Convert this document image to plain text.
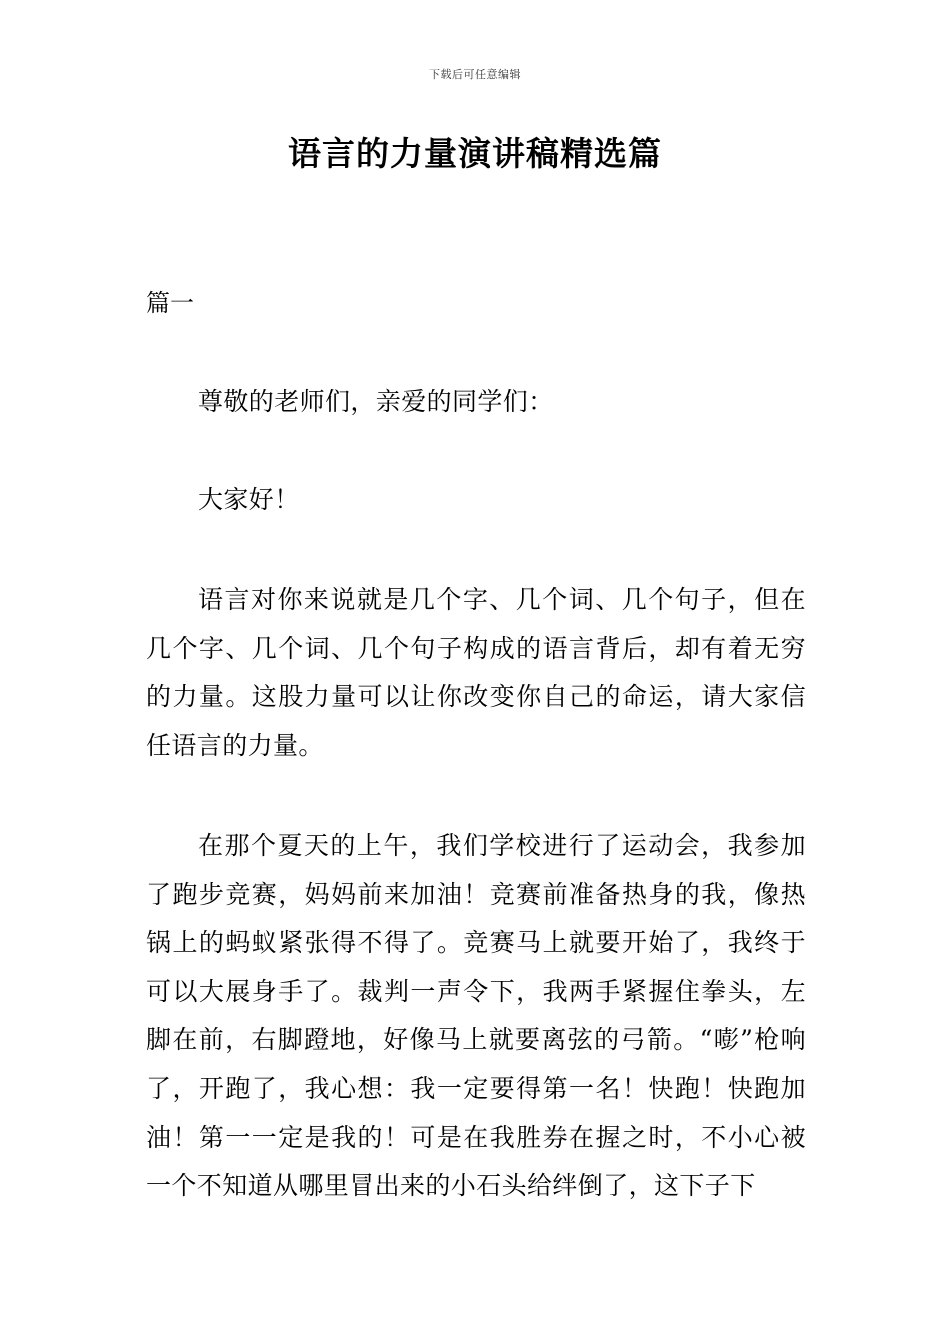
下载后可任意编辑
语言的力量演讲稿精选篇
篇一

尊敬的老师们，亲爱的同学们：

大家好！

语言对你来说就是几个字、几个词、几个句子，但在几个字、几个词、几个句子构成的语言背后，却有着无穷的力量。这股力量可以让你改变你自己的命运，请大家信任语言的力量。

在那个夏天的上午，我们学校进行了运动会，我参加了跑步竞赛，妈妈前来加油！竞赛前准备热身的我，像热锅上的蚂蚁紧张得不得了。竞赛马上就要开始了，我终于可以大展身手了。裁判一声令下，我两手紧握住拳头，左脚在前，右脚蹬地，好像马上就要离弦的弓箭。“嘭”枪响了，开跑了，我心想：我一定要得第一名！快跑！快跑加油！第一一定是我的！可是在我胜券在握之时，不小心被一个不知道从哪里冒出来的小石头给绊倒了，这下子下
